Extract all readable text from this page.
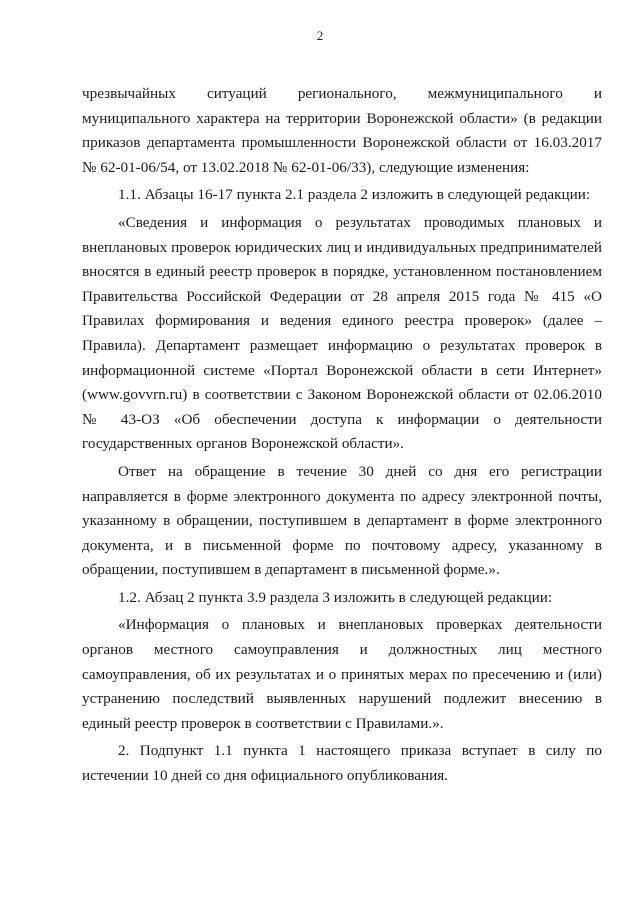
2

чрезвычайных ситуаций регионального, межмуниципального и муниципального характера на территории Воронежской области» (в редакции приказов департамента промышленности Воронежской области от 16.03.2017 № 62-01-06/54, от 13.02.2018 № 62-01-06/33), следующие изменения:

1.1. Абзацы 16-17 пункта 2.1 раздела 2 изложить в следующей редакции:

«Сведения и информация о результатах проводимых плановых и внеплановых проверок юридических лиц и индивидуальных предпринимателей вносятся в единый реестр проверок в порядке, установленном постановлением Правительства Российской Федерации от 28 апреля 2015 года № 415 «О Правилах формирования и ведения единого реестра проверок» (далее – Правила). Департамент размещает информацию о результатах проверок в информационной системе «Портал Воронежской области в сети Интернет» (www.govvrn.ru) в соответствии с Законом Воронежской области от 02.06.2010 № 43-ОЗ «Об обеспечении доступа к информации о деятельности государственных органов Воронежской области».

Ответ на обращение в течение 30 дней со дня его регистрации направляется в форме электронного документа по адресу электронной почты, указанному в обращении, поступившем в департамент в форме электронного документа, и в письменной форме по почтовому адресу, указанному в обращении, поступившем в департамент в письменной форме.».

1.2. Абзац 2 пункта 3.9 раздела 3 изложить в следующей редакции:

«Информация о плановых и внеплановых проверках деятельности органов местного самоуправления и должностных лиц местного самоуправления, об их результатах и о принятых мерах по пресечению и (или) устранению последствий выявленных нарушений подлежит внесению в единый реестр проверок в соответствии с Правилами.».

2. Подпункт 1.1 пункта 1 настоящего приказа вступает в силу по истечении 10 дней со дня официального опубликования.
